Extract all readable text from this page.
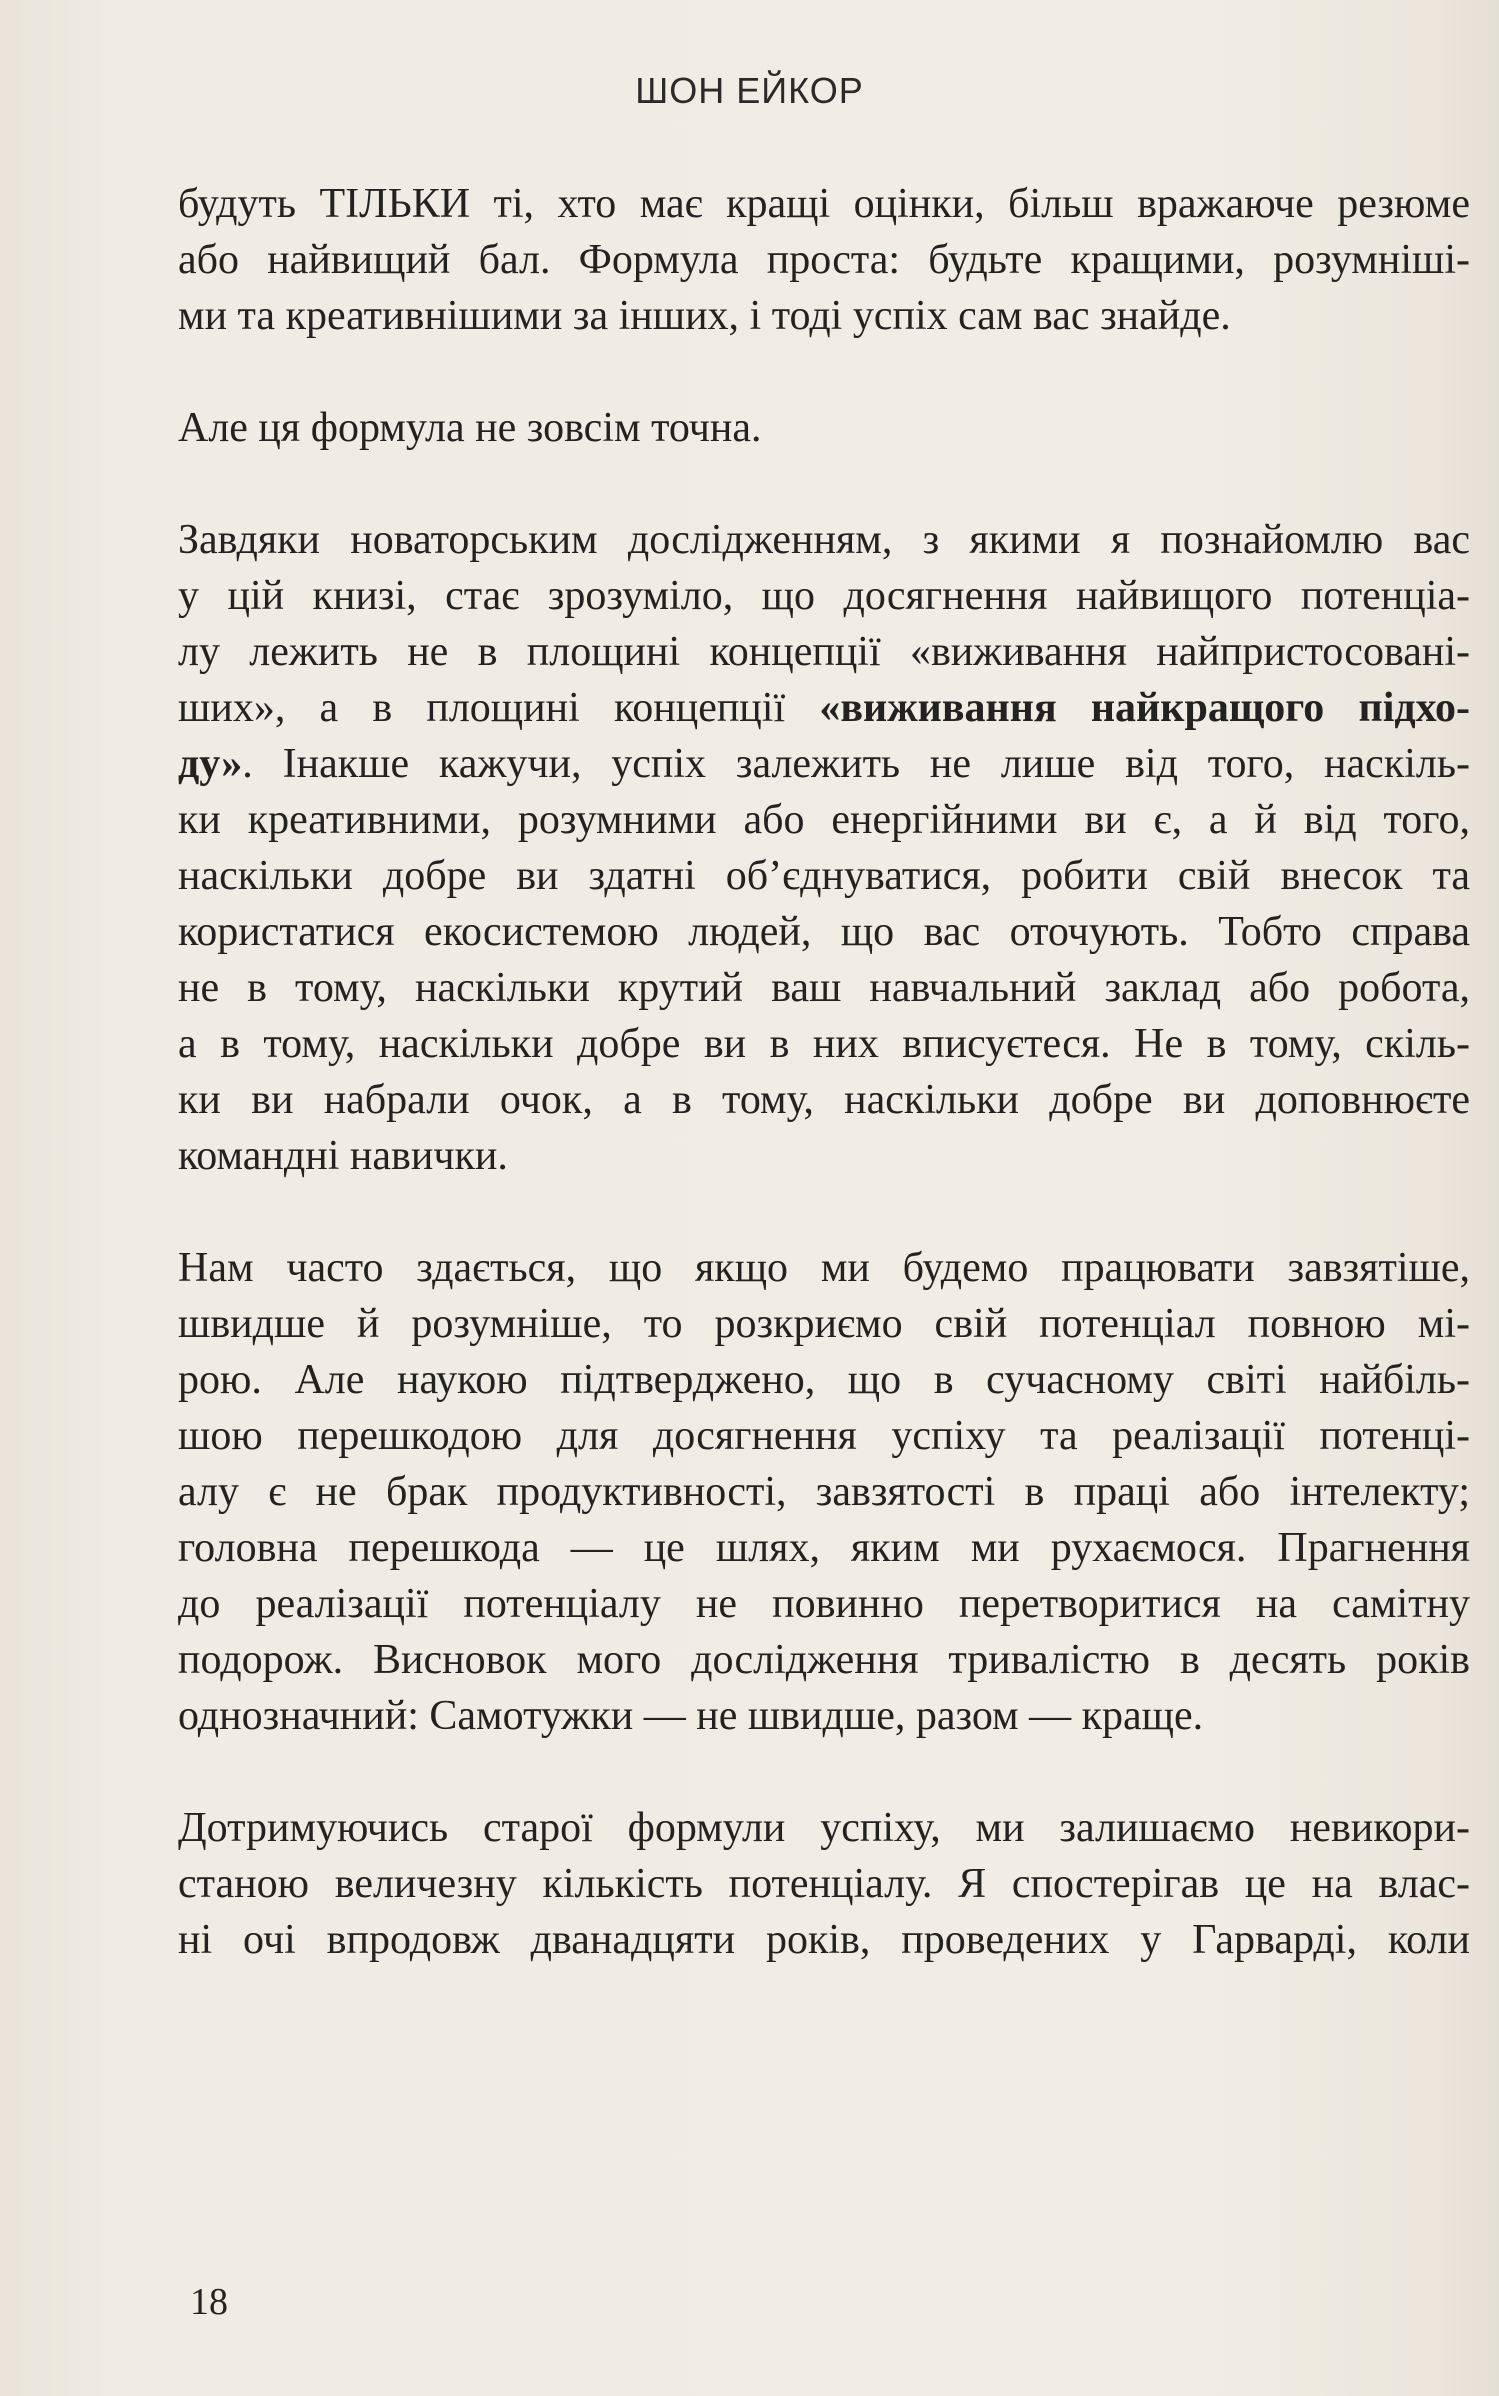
ШОН ЕЙКОР
будуть ТІЛЬКИ ті, хто має кращі оцінки, більш вражаюче резюме
або найвищий бал. Формула проста: будьте кращими, розумніші-
ми та креативнішими за інших, і тоді успіх сам вас знайде.
Але ця формула не зовсім точна.
Завдяки новаторським дослідженням, з якими я познайомлю вас
у цій книзі, стає зрозуміло, що досягнення найвищого потенціа-
лу лежить не в площині концепції «виживання найпристосовані-
ших», а в площині концепції «виживання найкращого підхо-
ду». Інакше кажучи, успіх залежить не лише від того, наскіль-
ки креативними, розумними або енергійними ви є, а й від того,
наскільки добре ви здатні об’єднуватися, робити свій внесок та
користатися екосистемою людей, що вас оточують. Тобто справа
не в тому, наскільки крутий ваш навчальний заклад або робота,
а в тому, наскільки добре ви в них вписуєтеся. Не в тому, скіль-
ки ви набрали очок, а в тому, наскільки добре ви доповнюєте
командні навички.
Нам часто здається, що якщо ми будемо працювати завзятіше,
швидше й розумніше, то розкриємо свій потенціал повною мі-
рою. Але наукою підтверджено, що в сучасному світі найбіль-
шою перешкодою для досягнення успіху та реалізації потенці-
алу є не брак продуктивності, завзятості в праці або інтелекту;
головна перешкода — це шлях, яким ми рухаємося. Прагнення
до реалізації потенціалу не повинно перетворитися на самітну
подорож. Висновок мого дослідження тривалістю в десять років
однозначний: Самотужки — не швидше, разом — краще.
Дотримуючись старої формули успіху, ми залишаємо невикори-
станою величезну кількість потенціалу. Я спостерігав це на влас-
ні очі впродовж дванадцяти років, проведених у Гарварді, коли
18
